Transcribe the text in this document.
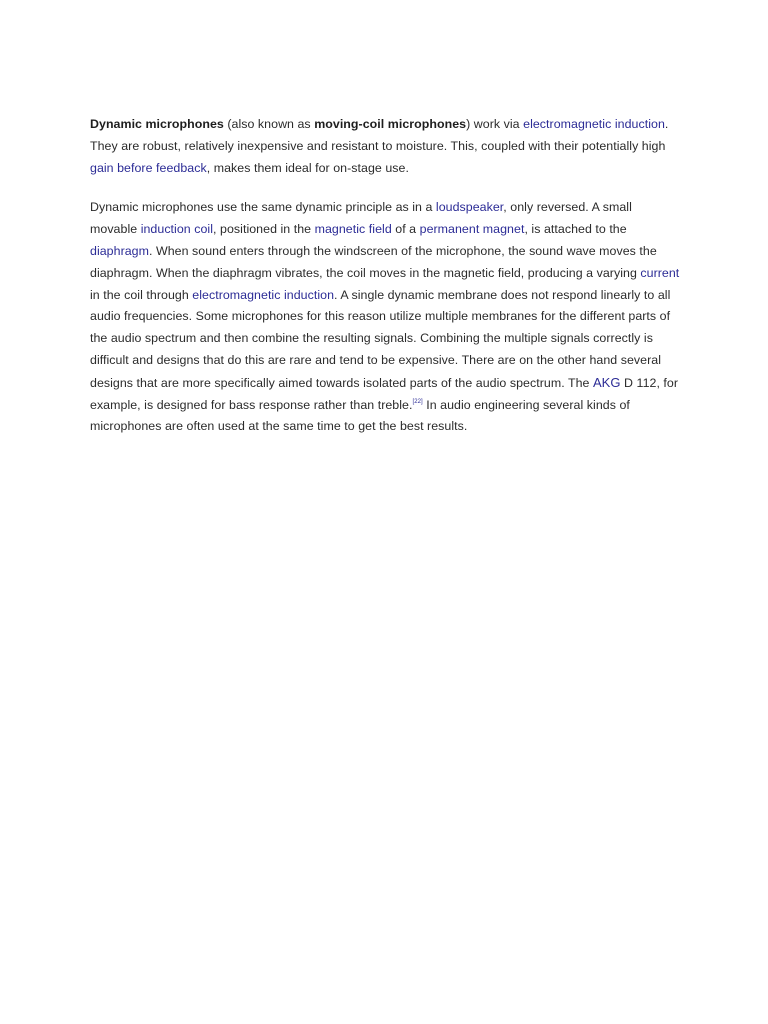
Dynamic microphones (also known as moving-coil microphones) work via electromagnetic induction. They are robust, relatively inexpensive and resistant to moisture. This, coupled with their potentially high gain before feedback, makes them ideal for on-stage use.

Dynamic microphones use the same dynamic principle as in a loudspeaker, only reversed. A small movable induction coil, positioned in the magnetic field of a permanent magnet, is attached to the diaphragm. When sound enters through the windscreen of the microphone, the sound wave moves the diaphragm. When the diaphragm vibrates, the coil moves in the magnetic field, producing a varying current in the coil through electromagnetic induction. A single dynamic membrane does not respond linearly to all audio frequencies. Some microphones for this reason utilize multiple membranes for the different parts of the audio spectrum and then combine the resulting signals. Combining the multiple signals correctly is difficult and designs that do this are rare and tend to be expensive. There are on the other hand several designs that are more specifically aimed towards isolated parts of the audio spectrum. The AKG D 112, for example, is designed for bass response rather than treble.[22] In audio engineering several kinds of microphones are often used at the same time to get the best results.
